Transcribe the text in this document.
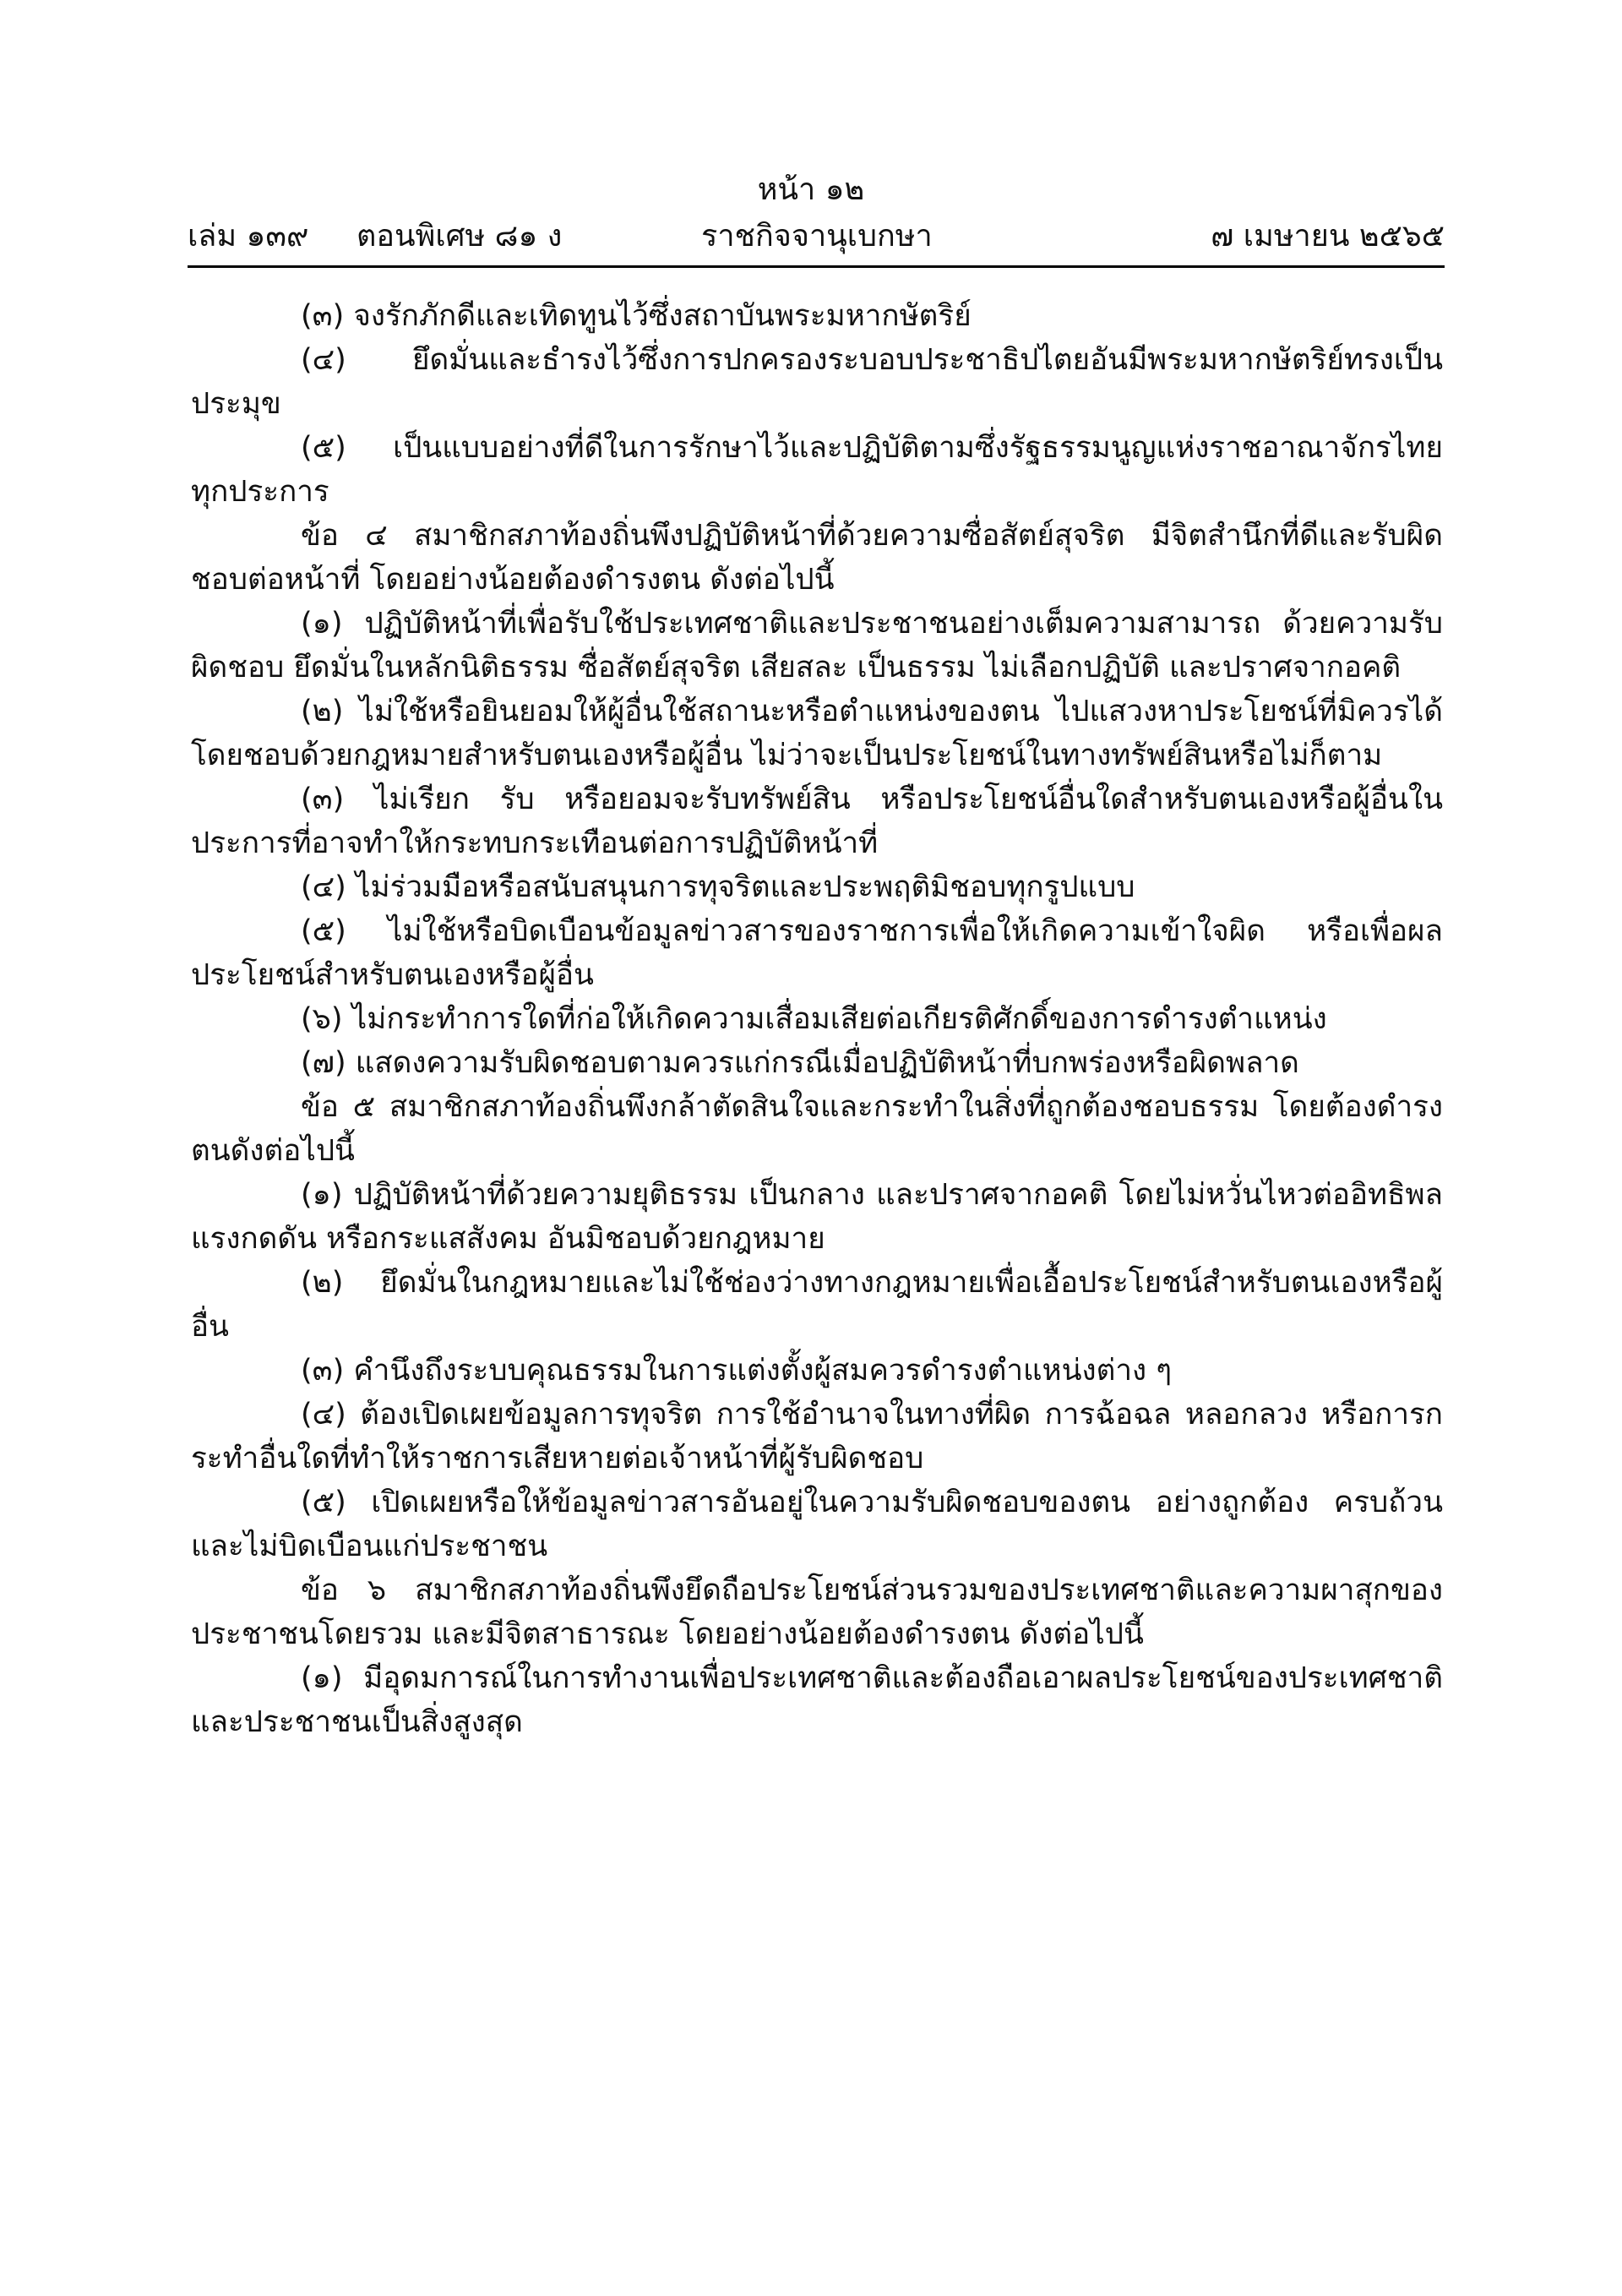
หน้า ๑๒
เล่ม ๑๓๙ ตอนพิเศษ ๘๑ ง	ราชกิจจานุเบกษา	๗ เมษายน ๒๕๖๕

(๓) จงรักภักดีและเทิดทูนไว้ซึ่งสถาบันพระมหากษัตริย์

(๔) ยึดมั่นและธำรงไว้ซึ่งการปกครองระบอบประชาธิปไตยอันมีพระมหากษัตริย์ทรงเป็นประมุข

(๕) เป็นแบบอย่างที่ดีในการรักษาไว้และปฏิบัติตามซึ่งรัฐธรรมนูญแห่งราชอาณาจักรไทยทุกประการ

ข้อ ๔ สมาชิกสภาท้องถิ่นพึงปฏิบัติหน้าที่ด้วยความซื่อสัตย์สุจริต มีจิตสำนึกที่ดีและรับผิดชอบต่อหน้าที่ โดยอย่างน้อยต้องดำรงตน ดังต่อไปนี้

(๑) ปฏิบัติหน้าที่เพื่อรับใช้ประเทศชาติและประชาชนอย่างเต็มความสามารถ ด้วยความรับผิดชอบ ยึดมั่นในหลักนิติธรรม ซื่อสัตย์สุจริต เสียสละ เป็นธรรม ไม่เลือกปฏิบัติ และปราศจากอคติ

(๒) ไม่ใช้หรือยินยอมให้ผู้อื่นใช้สถานะหรือตำแหน่งของตน ไปแสวงหาประโยชน์ที่มิควรได้โดยชอบด้วยกฎหมายสำหรับตนเองหรือผู้อื่น ไม่ว่าจะเป็นประโยชน์ในทางทรัพย์สินหรือไม่ก็ตาม

(๓) ไม่เรียก รับ หรือยอมจะรับทรัพย์สิน หรือประโยชน์อื่นใดสำหรับตนเองหรือผู้อื่นในประการที่อาจทำให้กระทบกระเทือนต่อการปฏิบัติหน้าที่

(๔) ไม่ร่วมมือหรือสนับสนุนการทุจริตและประพฤติมิชอบทุกรูปแบบ

(๕) ไม่ใช้หรือบิดเบือนข้อมูลข่าวสารของราชการเพื่อให้เกิดความเข้าใจผิด หรือเพื่อผลประโยชน์สำหรับตนเองหรือผู้อื่น

(๖) ไม่กระทำการใดที่ก่อให้เกิดความเสื่อมเสียต่อเกียรติศักดิ์ของการดำรงตำแหน่ง

(๗) แสดงความรับผิดชอบตามควรแก่กรณีเมื่อปฏิบัติหน้าที่บกพร่องหรือผิดพลาด

ข้อ ๕ สมาชิกสภาท้องถิ่นพึงกล้าตัดสินใจและกระทำในสิ่งที่ถูกต้องชอบธรรม โดยต้องดำรงตนดังต่อไปนี้

(๑) ปฏิบัติหน้าที่ด้วยความยุติธรรม เป็นกลาง และปราศจากอคติ โดยไม่หวั่นไหวต่ออิทธิพลแรงกดดัน หรือกระแสสังคม อันมิชอบด้วยกฎหมาย

(๒) ยึดมั่นในกฎหมายและไม่ใช้ช่องว่างทางกฎหมายเพื่อเอื้อประโยชน์สำหรับตนเองหรือผู้อื่น

(๓) คำนึงถึงระบบคุณธรรมในการแต่งตั้งผู้สมควรดำรงตำแหน่งต่าง ๆ

(๔) ต้องเปิดเผยข้อมูลการทุจริต การใช้อำนาจในทางที่ผิด การฉ้อฉล หลอกลวง หรือการกระทำอื่นใดที่ทำให้ราชการเสียหายต่อเจ้าหน้าที่ผู้รับผิดชอบ

(๕) เปิดเผยหรือให้ข้อมูลข่าวสารอันอยู่ในความรับผิดชอบของตน อย่างถูกต้อง ครบถ้วนและไม่บิดเบือนแก่ประชาชน

ข้อ ๖ สมาชิกสภาท้องถิ่นพึงยึดถือประโยชน์ส่วนรวมของประเทศชาติและความผาสุกของประชาชนโดยรวม และมีจิตสาธารณะ โดยอย่างน้อยต้องดำรงตน ดังต่อไปนี้

(๑) มีอุดมการณ์ในการทำงานเพื่อประเทศชาติและต้องถือเอาผลประโยชน์ของประเทศชาติและประชาชนเป็นสิ่งสูงสุด
